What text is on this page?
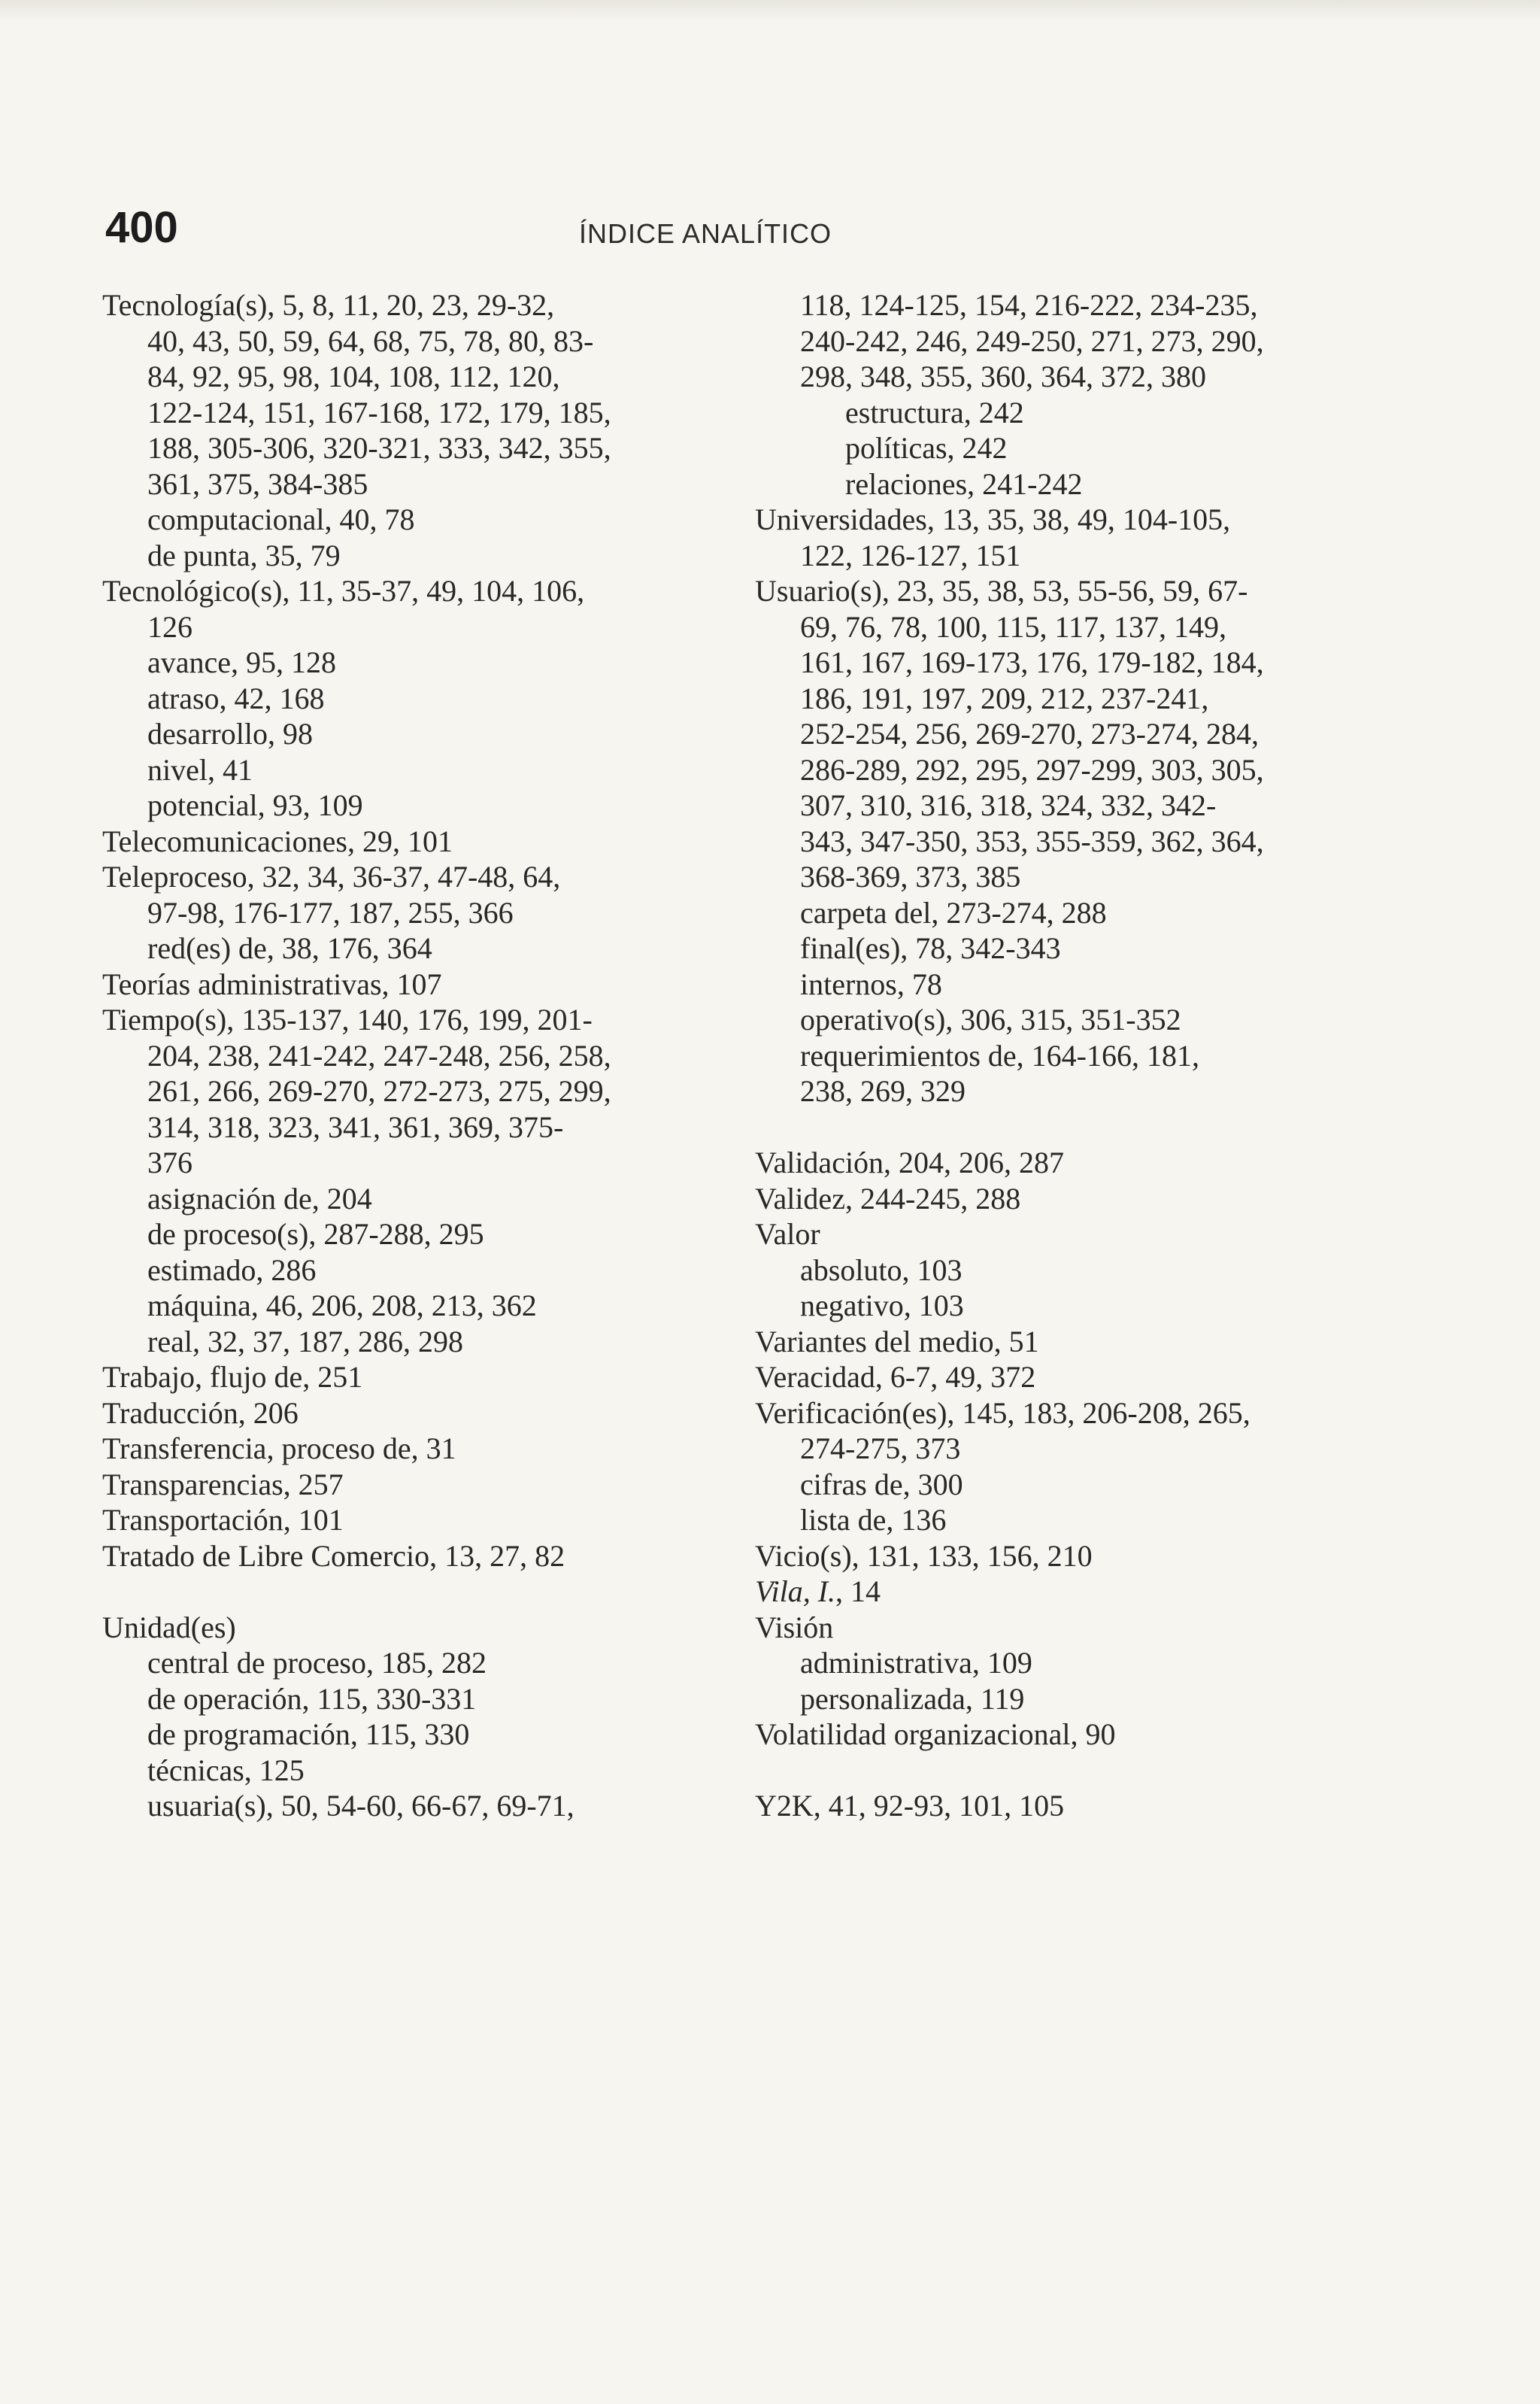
400	ÍNDICE ANALÍTICO
Tecnología(s), 5, 8, 11, 20, 23, 29-32,
40, 43, 50, 59, 64, 68, 75, 78, 80, 83-
84, 92, 95, 98, 104, 108, 112, 120,
122-124, 151, 167-168, 172, 179, 185,
188, 305-306, 320-321, 333, 342, 355,
361, 375, 384-385
computacional, 40, 78
de punta, 35, 79
Tecnológico(s), 11, 35-37, 49, 104, 106,
126
avance, 95, 128
atraso, 42, 168
desarrollo, 98
nivel, 41
potencial, 93, 109
Telecomunicaciones, 29, 101
Teleproceso, 32, 34, 36-37, 47-48, 64,
97-98, 176-177, 187, 255, 366
red(es) de, 38, 176, 364
Teorías administrativas, 107
Tiempo(s), 135-137, 140, 176, 199, 201-
204, 238, 241-242, 247-248, 256, 258,
261, 266, 269-270, 272-273, 275, 299,
314, 318, 323, 341, 361, 369, 375-
376
asignación de, 204
de proceso(s), 287-288, 295
estimado, 286
máquina, 46, 206, 208, 213, 362
real, 32, 37, 187, 286, 298
Trabajo, flujo de, 251
Traducción, 206
Transferencia, proceso de, 31
Transparencias, 257
Transportación, 101
Tratado de Libre Comercio, 13, 27, 82
Unidad(es)
central de proceso, 185, 282
de operación, 115, 330-331
de programación, 115, 330
técnicas, 125
usuaria(s), 50, 54-60, 66-67, 69-71,
118, 124-125, 154, 216-222, 234-235,
240-242, 246, 249-250, 271, 273, 290,
298, 348, 355, 360, 364, 372, 380
estructura, 242
políticas, 242
relaciones, 241-242
Universidades, 13, 35, 38, 49, 104-105,
122, 126-127, 151
Usuario(s), 23, 35, 38, 53, 55-56, 59, 67-
69, 76, 78, 100, 115, 117, 137, 149,
161, 167, 169-173, 176, 179-182, 184,
186, 191, 197, 209, 212, 237-241,
252-254, 256, 269-270, 273-274, 284,
286-289, 292, 295, 297-299, 303, 305,
307, 310, 316, 318, 324, 332, 342-
343, 347-350, 353, 355-359, 362, 364,
368-369, 373, 385
carpeta del, 273-274, 288
final(es), 78, 342-343
internos, 78
operativo(s), 306, 315, 351-352
requerimientos de, 164-166, 181,
238, 269, 329
Validación, 204, 206, 287
Validez, 244-245, 288
Valor
absoluto, 103
negativo, 103
Variantes del medio, 51
Veracidad, 6-7, 49, 372
Verificación(es), 145, 183, 206-208, 265,
274-275, 373
cifras de, 300
lista de, 136
Vicio(s), 131, 133, 156, 210
Vila, I., 14
Visión
administrativa, 109
personalizada, 119
Volatilidad organizacional, 90
Y2K, 41, 92-93, 101, 105
